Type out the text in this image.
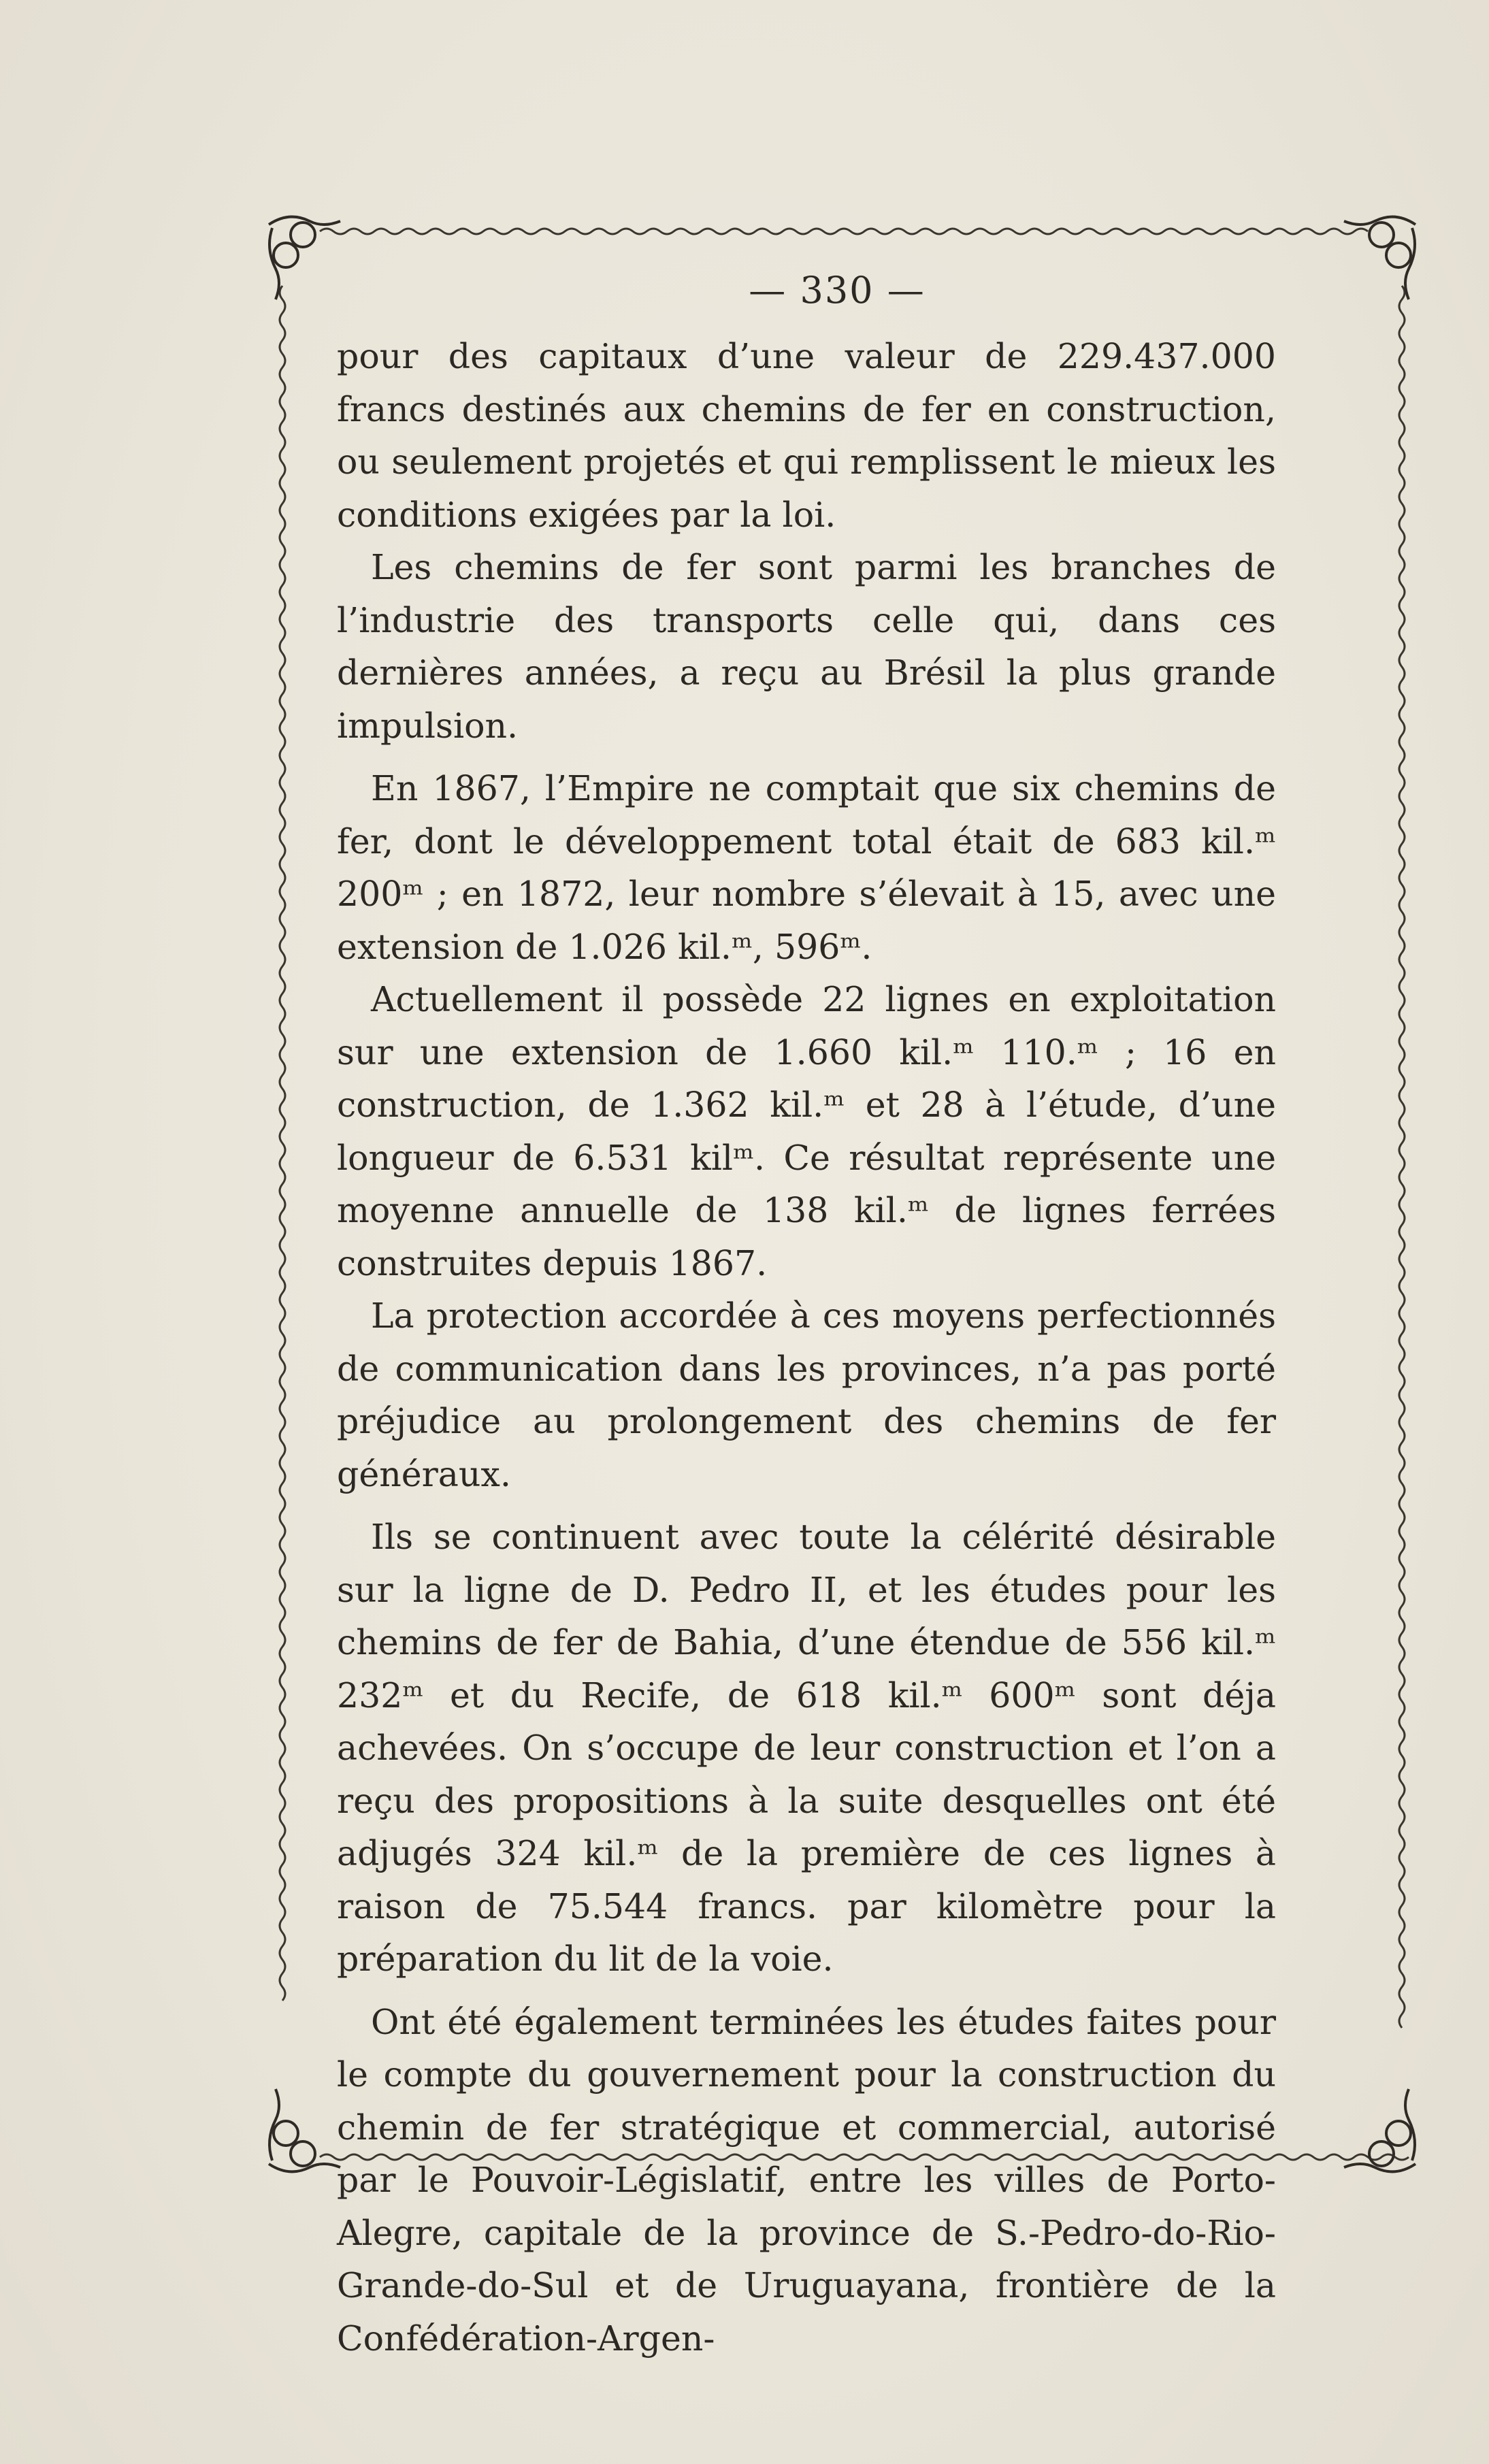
— 330 —

pour des capitaux d’une valeur de 229.437.000 francs destinés aux chemins de fer en construction, ou seulement projetés et qui remplissent le mieux les conditions exigées par la loi.

Les chemins de fer sont parmi les branches de l’industrie des transports celle qui, dans ces dernières années, a reçu au Brésil la plus grande impulsion.

En 1867, l’Empire ne comptait que six chemins de fer, dont le développement total était de 683 kil.ᵐ 200ᵐ ; en 1872, leur nombre s’élevait à 15, avec une extension de 1.026 kil.ᵐ, 596ᵐ.

Actuellement il possède 22 lignes en exploitation sur une extension de 1.660 kil.ᵐ 110.ᵐ ; 16 en construction, de 1.362 kil.ᵐ et 28 à l’étude, d’une longueur de 6.531 kilᵐ. Ce résultat représente une moyenne annuelle de 138 kil.ᵐ de lignes ferrées construites depuis 1867.

La protection accordée à ces moyens perfectionnés de communication dans les provinces, n’a pas porté préjudice au prolongement des chemins de fer généraux.

Ils se continuent avec toute la célérité désirable sur la ligne de D. Pedro II, et les études pour les chemins de fer de Bahia, d’une étendue de 556 kil.ᵐ 232ᵐ et du Recife, de 618 kil.ᵐ 600ᵐ sont déja achevées. On s’occupe de leur construction et l’on a reçu des propositions à la suite desquelles ont été adjugés 324 kil.ᵐ de la première de ces lignes à raison de 75.544 francs. par kilomètre pour la préparation du lit de la voie.

Ont été également terminées les études faites pour le compte du gouvernement pour la construction du chemin de fer stratégique et commercial, autorisé par le Pouvoir-Législatif, entre les villes de Porto-Alegre, capitale de la province de S.-Pedro-do-Rio-Grande-do-Sul et de Uruguayana, frontière de la Confédération-Argen-
